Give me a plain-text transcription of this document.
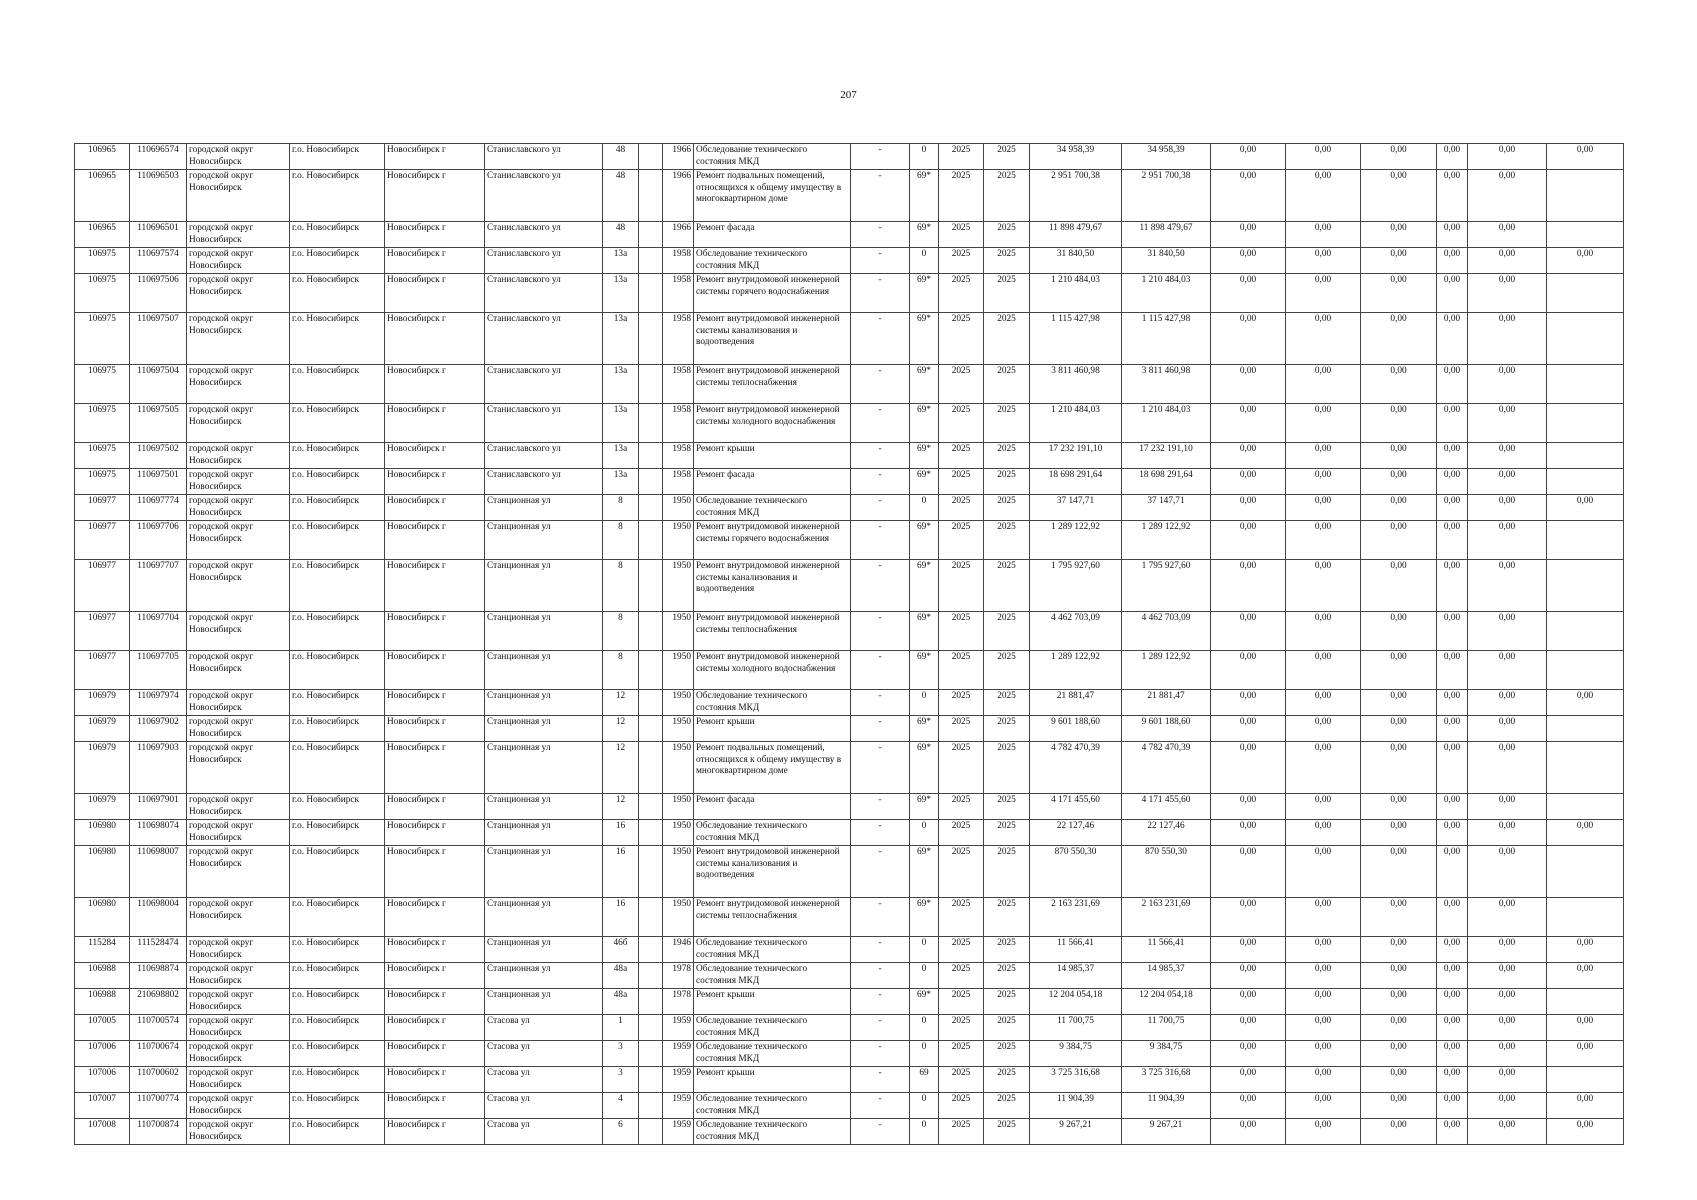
207
106965	110696574	городской округ Новосибирск	г.о. Новосибирск	Новосибирск г	Станиславского ул	48		1966	Обследование технического состояния МКД	-	0	2025	2025	34 958,39	34 958,39	0,00	0,00	0,00	0,00	0,00	0,00
106965	110696503	городской округ Новосибирск	г.о. Новосибирск	Новосибирск г	Станиславского ул	48		1966	Ремонт подвальных помещений, относящихся к общему имуществу в многоквартирном доме	-	69*	2025	2025	2 951 700,38	2 951 700,38	0,00	0,00	0,00	0,00	0,00	
106965	110696501	городской округ Новосибирск	г.о. Новосибирск	Новосибирск г	Станиславского ул	48		1966	Ремонт фасада	-	69*	2025	2025	11 898 479,67	11 898 479,67	0,00	0,00	0,00	0,00	0,00	
106975	110697574	городской округ Новосибирск	г.о. Новосибирск	Новосибирск г	Станиславского ул	13а		1958	Обследование технического состояния МКД	-	0	2025	2025	31 840,50	31 840,50	0,00	0,00	0,00	0,00	0,00	0,00
106975	110697506	городской округ Новосибирск	г.о. Новосибирск	Новосибирск г	Станиславского ул	13а		1958	Ремонт внутридомовой инженерной системы горячего водоснабжения	-	69*	2025	2025	1 210 484,03	1 210 484,03	0,00	0,00	0,00	0,00	0,00	
106975	110697507	городской округ Новосибирск	г.о. Новосибирск	Новосибирск г	Станиславского ул	13а		1958	Ремонт внутридомовой инженерной системы канализования и водоотведения	-	69*	2025	2025	1 115 427,98	1 115 427,98	0,00	0,00	0,00	0,00	0,00	
106975	110697504	городской округ Новосибирск	г.о. Новосибирск	Новосибирск г	Станиславского ул	13а		1958	Ремонт внутридомовой инженерной системы теплоснабжения	-	69*	2025	2025	3 811 460,98	3 811 460,98	0,00	0,00	0,00	0,00	0,00	
106975	110697505	городской округ Новосибирск	г.о. Новосибирск	Новосибирск г	Станиславского ул	13а		1958	Ремонт внутридомовой инженерной системы холодного водоснабжения	-	69*	2025	2025	1 210 484,03	1 210 484,03	0,00	0,00	0,00	0,00	0,00	
106975	110697502	городской округ Новосибирск	г.о. Новосибирск	Новосибирск г	Станиславского ул	13а		1958	Ремонт крыши	-	69*	2025	2025	17 232 191,10	17 232 191,10	0,00	0,00	0,00	0,00	0,00	
106975	110697501	городской округ Новосибирск	г.о. Новосибирск	Новосибирск г	Станиславского ул	13а		1958	Ремонт фасада	-	69*	2025	2025	18 698 291,64	18 698 291,64	0,00	0,00	0,00	0,00	0,00	
106977	110697774	городской округ Новосибирск	г.о. Новосибирск	Новосибирск г	Станционная ул	8		1950	Обследование технического состояния МКД	-	0	2025	2025	37 147,71	37 147,71	0,00	0,00	0,00	0,00	0,00	0,00
106977	110697706	городской округ Новосибирск	г.о. Новосибирск	Новосибирск г	Станционная ул	8		1950	Ремонт внутридомовой инженерной системы горячего водоснабжения	-	69*	2025	2025	1 289 122,92	1 289 122,92	0,00	0,00	0,00	0,00	0,00	
106977	110697707	городской округ Новосибирск	г.о. Новосибирск	Новосибирск г	Станционная ул	8		1950	Ремонт внутридомовой инженерной системы канализования и водоотведения	-	69*	2025	2025	1 795 927,60	1 795 927,60	0,00	0,00	0,00	0,00	0,00	
106977	110697704	городской округ Новосибирск	г.о. Новосибирск	Новосибирск г	Станционная ул	8		1950	Ремонт внутридомовой инженерной системы теплоснабжения	-	69*	2025	2025	4 462 703,09	4 462 703,09	0,00	0,00	0,00	0,00	0,00	
106977	110697705	городской округ Новосибирск	г.о. Новосибирск	Новосибирск г	Станционная ул	8		1950	Ремонт внутридомовой инженерной системы холодного водоснабжения	-	69*	2025	2025	1 289 122,92	1 289 122,92	0,00	0,00	0,00	0,00	0,00	
106979	110697974	городской округ Новосибирск	г.о. Новосибирск	Новосибирск г	Станционная ул	12		1950	Обследование технического состояния МКД	-	0	2025	2025	21 881,47	21 881,47	0,00	0,00	0,00	0,00	0,00	0,00
106979	110697902	городской округ Новосибирск	г.о. Новосибирск	Новосибирск г	Станционная ул	12		1950	Ремонт крыши	-	69*	2025	2025	9 601 188,60	9 601 188,60	0,00	0,00	0,00	0,00	0,00	
106979	110697903	городской округ Новосибирск	г.о. Новосибирск	Новосибирск г	Станционная ул	12		1950	Ремонт подвальных помещений, относящихся к общему имуществу в многоквартирном доме	-	69*	2025	2025	4 782 470,39	4 782 470,39	0,00	0,00	0,00	0,00	0,00	
106979	110697901	городской округ Новосибирск	г.о. Новосибирск	Новосибирск г	Станционная ул	12		1950	Ремонт фасада	-	69*	2025	2025	4 171 455,60	4 171 455,60	0,00	0,00	0,00	0,00	0,00	
106980	110698074	городской округ Новосибирск	г.о. Новосибирск	Новосибирск г	Станционная ул	16		1950	Обследование технического состояния МКД	-	0	2025	2025	22 127,46	22 127,46	0,00	0,00	0,00	0,00	0,00	0,00
106980	110698007	городской округ Новосибирск	г.о. Новосибирск	Новосибирск г	Станционная ул	16		1950	Ремонт внутридомовой инженерной системы канализования и водоотведения	-	69*	2025	2025	870 550,30	870 550,30	0,00	0,00	0,00	0,00	0,00	
106980	110698004	городской округ Новосибирск	г.о. Новосибирск	Новосибирск г	Станционная ул	16		1950	Ремонт внутридомовой инженерной системы теплоснабжения	-	69*	2025	2025	2 163 231,69	2 163 231,69	0,00	0,00	0,00	0,00	0,00	
115284	111528474	городской округ Новосибирск	г.о. Новосибирск	Новосибирск г	Станционная ул	46б		1946	Обследование технического состояния МКД	-	0	2025	2025	11 566,41	11 566,41	0,00	0,00	0,00	0,00	0,00	0,00
106988	110698874	городской округ Новосибирск	г.о. Новосибирск	Новосибирск г	Станционная ул	48а		1978	Обследование технического состояния МКД	-	0	2025	2025	14 985,37	14 985,37	0,00	0,00	0,00	0,00	0,00	0,00
106988	210698802	городской округ Новосибирск	г.о. Новосибирск	Новосибирск г	Станционная ул	48а		1978	Ремонт крыши	-	69*	2025	2025	12 204 054,18	12 204 054,18	0,00	0,00	0,00	0,00	0,00	
107005	110700574	городской округ Новосибирск	г.о. Новосибирск	Новосибирск г	Стасова ул	1		1959	Обследование технического состояния МКД	-	0	2025	2025	11 700,75	11 700,75	0,00	0,00	0,00	0,00	0,00	0,00
107006	110700674	городской округ Новосибирск	г.о. Новосибирск	Новосибирск г	Стасова ул	3		1959	Обследование технического состояния МКД	-	0	2025	2025	9 384,75	9 384,75	0,00	0,00	0,00	0,00	0,00	0,00
107006	110700602	городской округ Новосибирск	г.о. Новосибирск	Новосибирск г	Стасова ул	3		1959	Ремонт крыши	-	69	2025	2025	3 725 316,68	3 725 316,68	0,00	0,00	0,00	0,00	0,00	
107007	110700774	городской округ Новосибирск	г.о. Новосибирск	Новосибирск г	Стасова ул	4		1959	Обследование технического состояния МКД	-	0	2025	2025	11 904,39	11 904,39	0,00	0,00	0,00	0,00	0,00	0,00
107008	110700874	городской округ Новосибирск	г.о. Новосибирск	Новосибирск г	Стасова ул	6		1959	Обследование технического состояния МКД	-	0	2025	2025	9 267,21	9 267,21	0,00	0,00	0,00	0,00	0,00	0,00
